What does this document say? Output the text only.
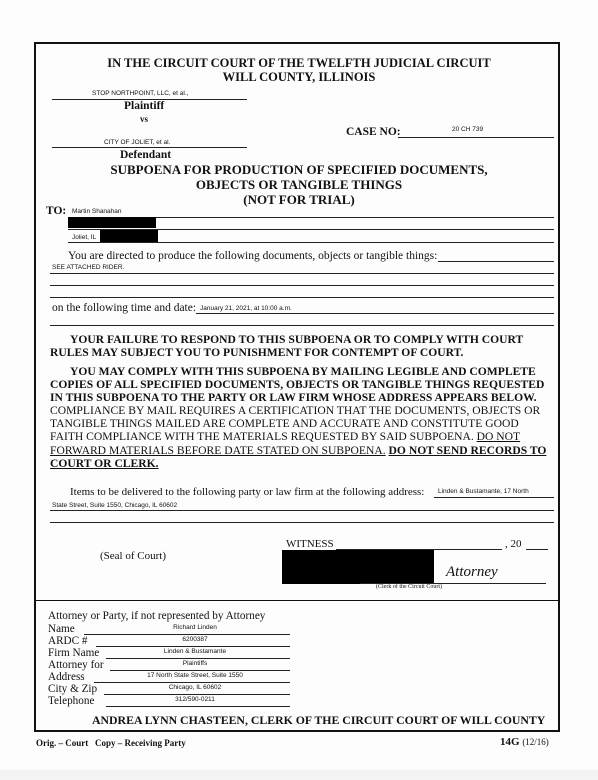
IN THE CIRCUIT COURT OF THE TWELFTH JUDICIAL CIRCUIT
WILL COUNTY, ILLINOIS
STOP NORTHPOINT, LLC, et al.,
Plaintiff
vs
CASE NO:	20 CH 739
CITY OF JOLIET, et al.
Defendant
SUBPOENA FOR PRODUCTION OF SPECIFIED DOCUMENTS,
OBJECTS OR TANGIBLE THINGS
(NOT FOR TRIAL)
TO: Martin Shanahan
Joliet, IL
You are directed to produce the following documents, objects or tangible things:
SEE ATTACHED RIDER.
on the following time and date: January 21, 2021, at 10:00 a.m.
YOUR FAILURE TO RESPOND TO THIS SUBPOENA OR TO COMPLY WITH COURT RULES MAY SUBJECT YOU TO PUNISHMENT FOR CONTEMPT OF COURT.
YOU MAY COMPLY WITH THIS SUBPOENA BY MAILING LEGIBLE AND COMPLETE COPIES OF ALL SPECIFIED DOCUMENTS, OBJECTS OR TANGIBLE THINGS REQUESTED IN THIS SUBPOENA TO THE PARTY OR LAW FIRM WHOSE ADDRESS APPEARS BELOW. COMPLIANCE BY MAIL REQUIRES A CERTIFICATION THAT THE DOCUMENTS, OBJECTS OR TANGIBLE THINGS MAILED ARE COMPLETE AND ACCURATE AND CONSTITUTE GOOD FAITH COMPLIANCE WITH THE MATERIALS REQUESTED BY SAID SUBPOENA. DO NOT FORWARD MATERIALS BEFORE DATE STATED ON SUBPOENA. DO NOT SEND RECORDS TO COURT OR CLERK.
Items to be delivered to the following party or law firm at the following address: Linden & Bustamante, 17 North
State Street, Suite 1550, Chicago, IL 60602
(Seal of Court)
WITNESS	, 20
Attorney
(Clerk of the Circuit Court)
Attorney or Party, if not represented by Attorney
Name	Richard Linden
ARDC #	6200387
Firm Name	Linden & Bustamante
Attorney for	Plaintiffs
Address	17 North State Street, Suite 1550
City & Zip	Chicago, IL 60602
Telephone	312/590-0211
ANDREA LYNN CHASTEEN, CLERK OF THE CIRCUIT COURT OF WILL COUNTY
Orig. – Court   Copy – Receiving Party	14G (12/16)
